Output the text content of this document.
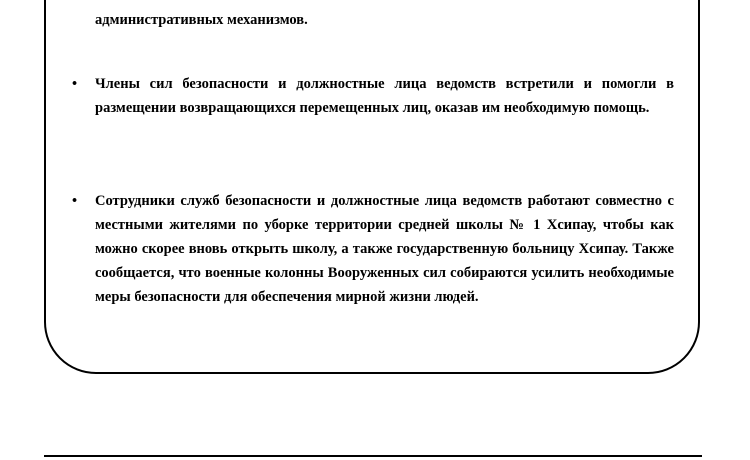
административных механизмов.
•	Члены сил безопасности и должностные лица ведомств встретили и помогли в размещении возвращающихся перемещенных лиц, оказав им необходимую помощь.
•	Сотрудники служб безопасности и должностные лица ведомств работают совместно с местными жителями по уборке территории средней школы № 1 Хсипау, чтобы как можно скорее вновь открыть школу, а также государственную больницу Хсипау. Также сообщается, что военные колонны Вооруженных сил собираются усилить необходимые меры безопасности для обеспечения мирной жизни людей.
